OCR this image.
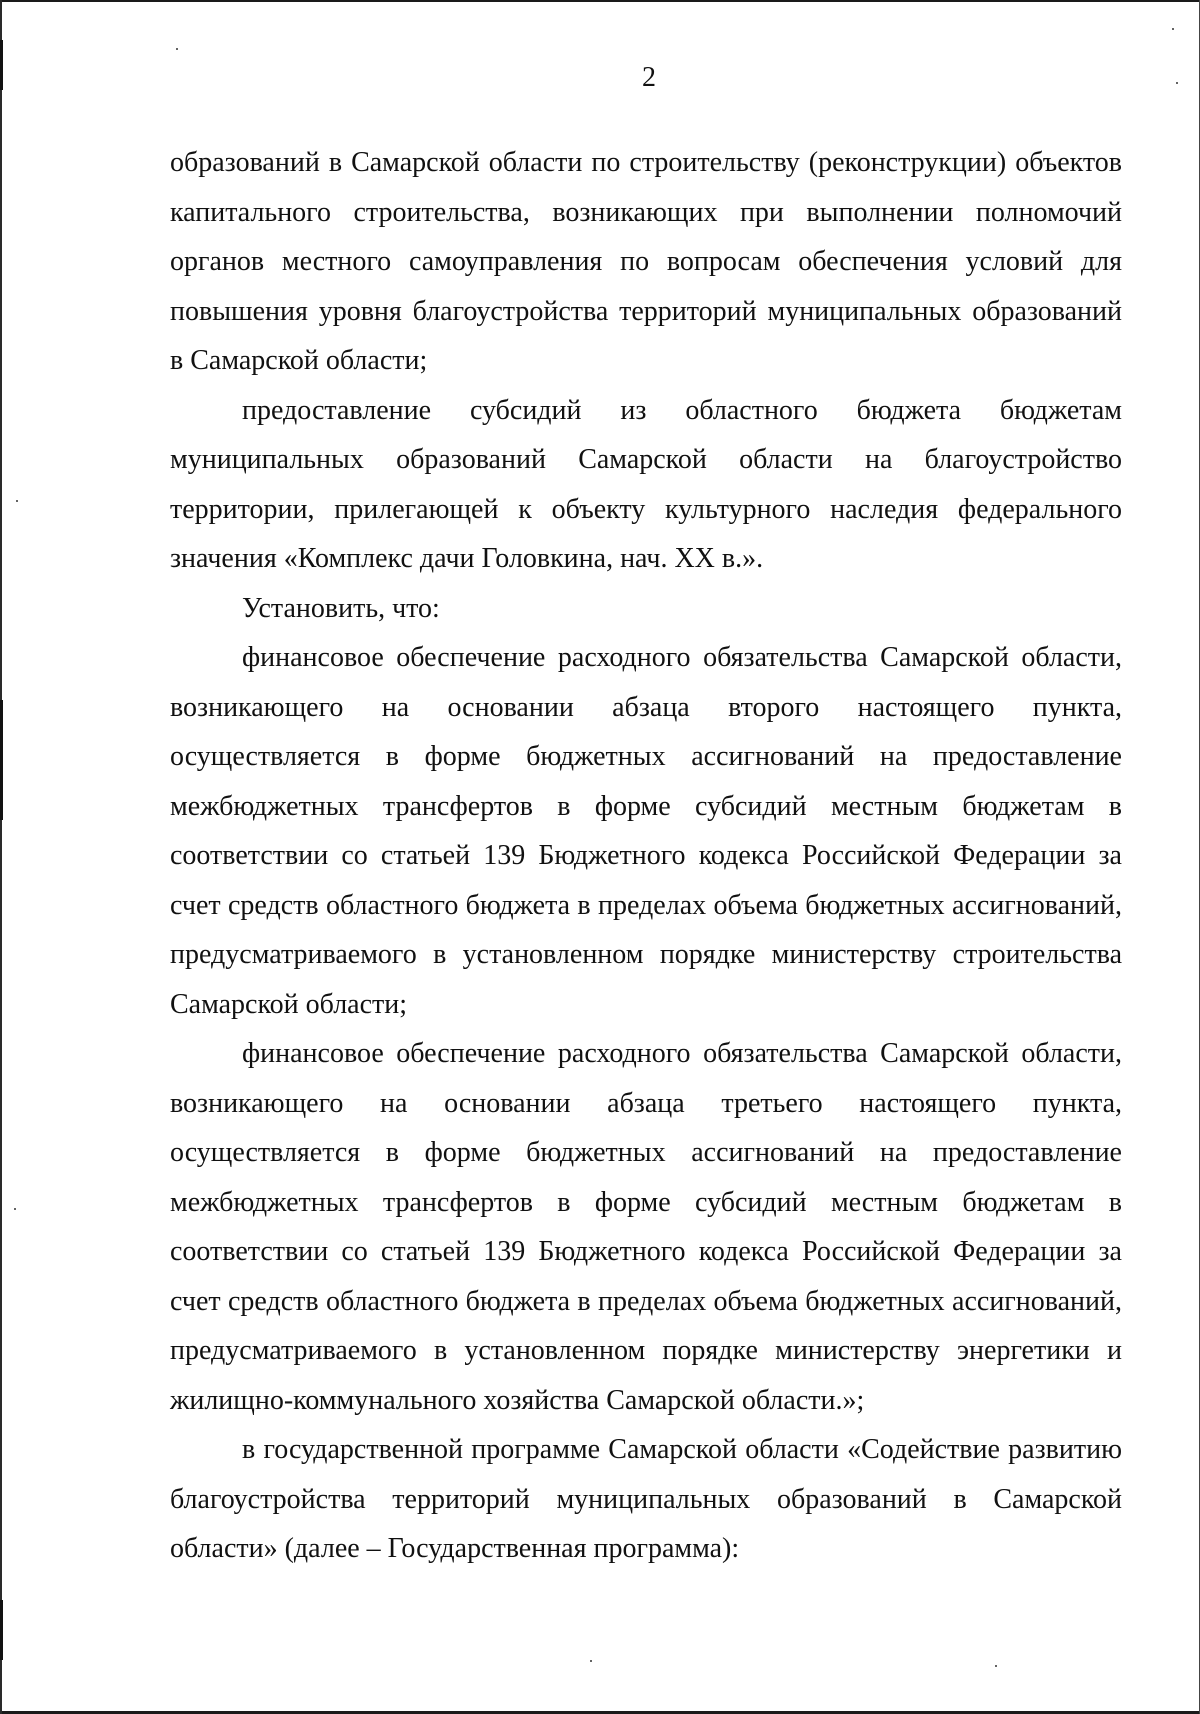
2

образований в Самарской области по строительству (реконструкции) объектов капитального строительства, возникающих при выполнении полномочий органов местного самоуправления по вопросам обеспечения условий для повышения уровня благоустройства территорий муниципальных образований в Самарской области;

предоставление субсидий из областного бюджета бюджетам муниципальных образований Самарской области на благоустройство территории, прилегающей к объекту культурного наследия федерального значения «Комплекс дачи Головкина, нач. XX в.».

Установить, что:

финансовое обеспечение расходного обязательства Самарской области, возникающего на основании абзаца второго настоящего пункта, осуществляется в форме бюджетных ассигнований на предоставление межбюджетных трансфертов в форме субсидий местным бюджетам в соответствии со статьей 139 Бюджетного кодекса Российской Федерации за счет средств областного бюджета в пределах объема бюджетных ассигнований, предусматриваемого в установленном порядке министерству строительства Самарской области;

финансовое обеспечение расходного обязательства Самарской области, возникающего на основании абзаца третьего настоящего пункта, осуществляется в форме бюджетных ассигнований на предоставление межбюджетных трансфертов в форме субсидий местным бюджетам в соответствии со статьей 139 Бюджетного кодекса Российской Федерации за счет средств областного бюджета в пределах объема бюджетных ассигнований, предусматриваемого в установленном порядке министерству энергетики и жилищно-коммунального хозяйства Самарской области.»;

в государственной программе Самарской области «Содействие развитию благоустройства территорий муниципальных образований в Самарской области» (далее – Государственная программа):
